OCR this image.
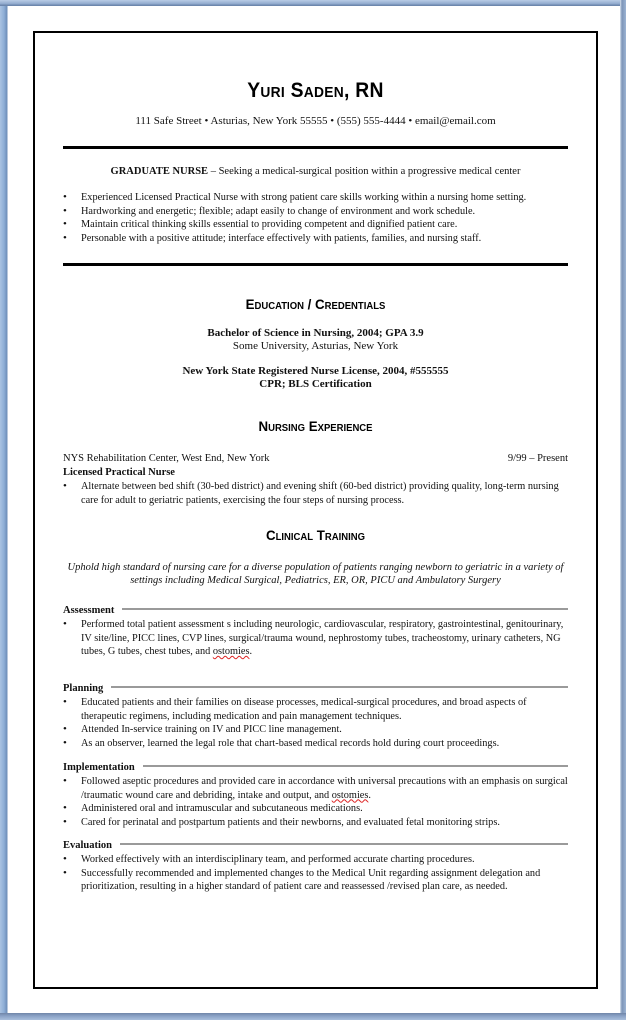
Yuri Saden, RN
111 Safe Street • Asturias, New York 55555 • (555) 555-4444 • email@email.com
GRADUATE NURSE – Seeking a medical-surgical position within a progressive medical center
• Experienced Licensed Practical Nurse with strong patient care skills working within a nursing home setting.
• Hardworking and energetic; flexible; adapt easily to change of environment and work schedule.
• Maintain critical thinking skills essential to providing competent and dignified patient care.
• Personable with a positive attitude; interface effectively with patients, families, and nursing staff.
Education / Credentials
Bachelor of Science in Nursing, 2004; GPA 3.9
Some University, Asturias, New York
New York State Registered Nurse License, 2004, #555555
CPR; BLS Certification
Nursing Experience
NYS Rehabilitation Center, West End, New York	9/99 – Present
Licensed Practical Nurse
• Alternate between bed shift (30-bed district) and evening shift (60-bed district) providing quality, long-term nursing care for adult to geriatric patients, exercising the four steps of nursing process.
Clinical Training
Uphold high standard of nursing care for a diverse population of patients ranging newborn to geriatric in a variety of settings including Medical Surgical, Pediatrics, ER, OR, PICU and Ambulatory Surgery
Assessment
• Performed total patient assessment s including neurologic, cardiovascular, respiratory, gastrointestinal, genitourinary, IV site/line, PICC lines, CVP lines, surgical/trauma wound, nephrostomy tubes, tracheostomy, urinary catheters, NG tubes, G tubes, chest tubes, and ostomies.
Planning
• Educated patients and their families on disease processes, medical-surgical procedures, and broad aspects of therapeutic regimens, including medication and pain management techniques.
• Attended In-service training on IV and PICC line management.
• As an observer, learned the legal role that chart-based medical records hold during court proceedings.
Implementation
• Followed aseptic procedures and provided care in accordance with universal precautions with an emphasis on surgical /traumatic wound care and debriding, intake and output, and ostomies.
• Administered oral and intramuscular and subcutaneous medications.
• Cared for perinatal and postpartum patients and their newborns, and evaluated fetal monitoring strips.
Evaluation
• Worked effectively with an interdisciplinary team, and performed accurate charting procedures.
• Successfully recommended and implemented changes to the Medical Unit regarding assignment delegation and prioritization, resulting in a higher standard of patient care and reassessed /revised plan care, as needed.
